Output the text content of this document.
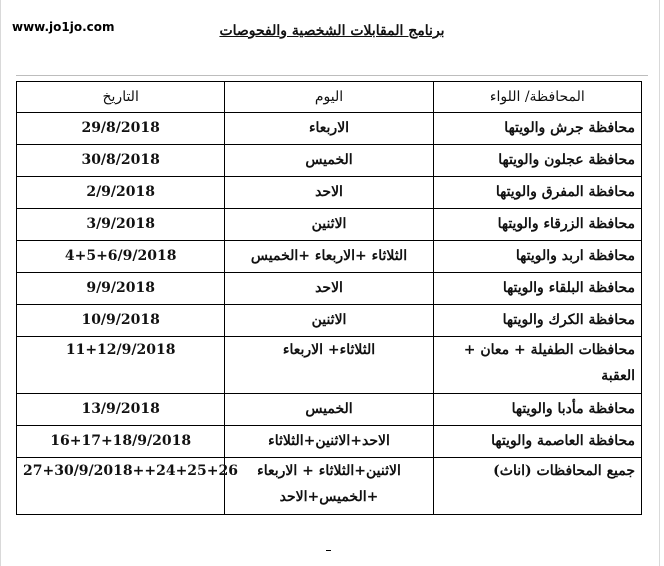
www.jo1jo.com	برنامج المقابلات الشخصية والفحوصات
المحافظة/ اللواء	اليوم	التاريخ
محافظة جرش والويتها	الاربعاء	29/8/2018
محافظة عجلون والويتها	الخميس	30/8/2018
محافظة المفرق والويتها	الاحد	2/9/2018
محافظة الزرقاء والويتها	الاثنين	3/9/2018
محافظة اربد والويتها	الثلاثاء +الاربعاء +الخميس	4+5+6/9/2018
محافظة البلقاء والويتها	الاحد	9/9/2018
محافظة الكرك والويتها	الاثنين	10/9/2018
محافظات الطفيلة + معان + العقبة	الثلاثاء+ الاربعاء	11+12/9/2018
محافظة مأدبا والويتها	الخميس	13/9/2018
محافظة العاصمة والويتها	الاحد+الاثنين+الثلاثاء	16+17+18/9/2018
جميع المحافظات (اناث)	الاثنين+الثلاثاء + الاربعاء +الخميس+الاحد	27+30/9/2018++24+25+26
